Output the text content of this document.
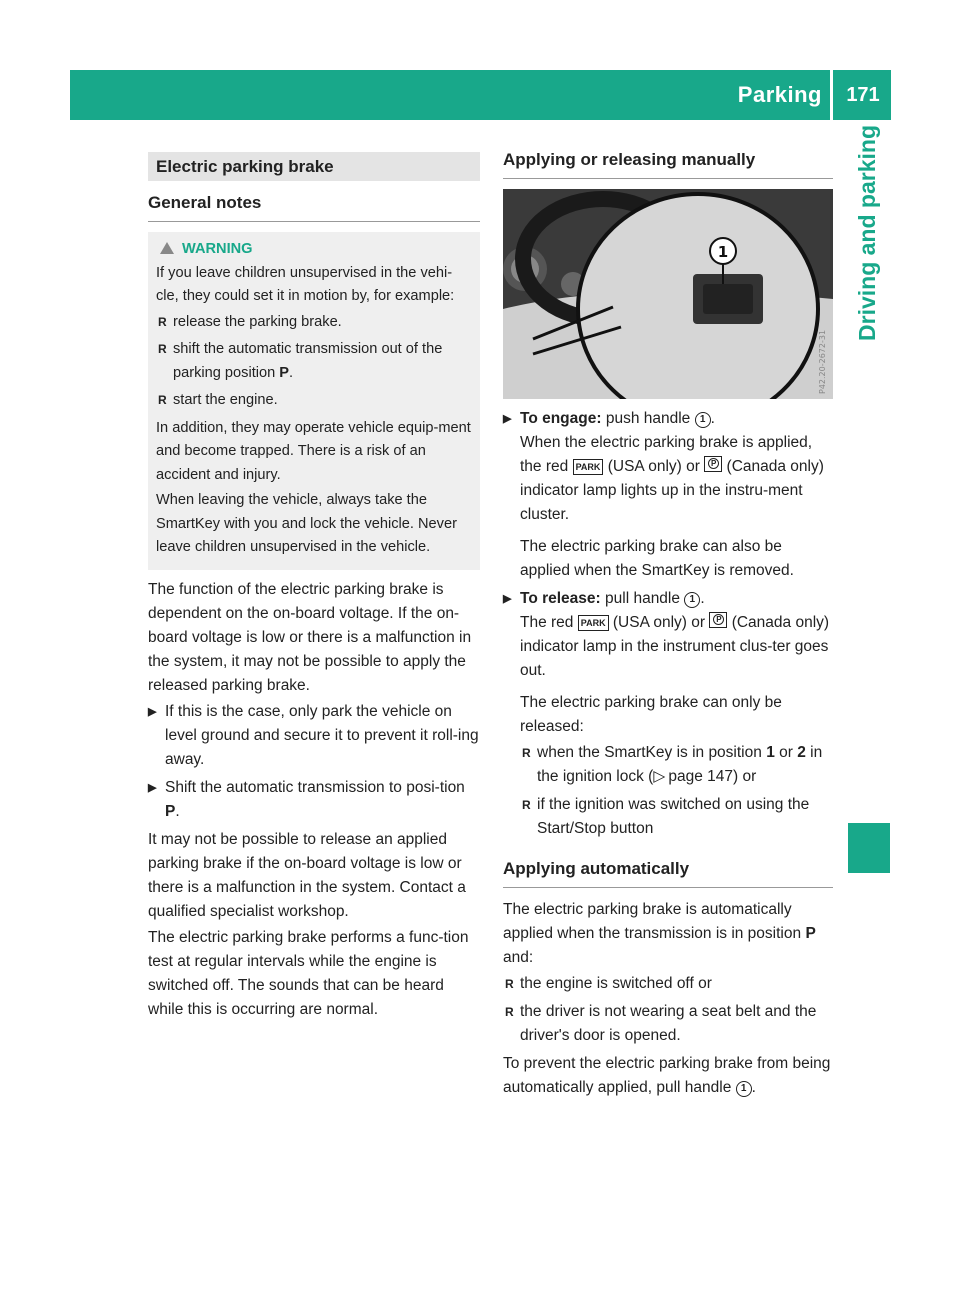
Parking	171
Driving and parking
Electric parking brake
General notes
WARNING

If you leave children unsupervised in the vehi-cle, they could set it in motion by, for example:

R release the parking brake.
R shift the automatic transmission out of the parking position P.
R start the engine.

In addition, they may operate vehicle equip-ment and become trapped. There is a risk of an accident and injury.

When leaving the vehicle, always take the SmartKey with you and lock the vehicle. Never leave children unsupervised in the vehicle.

The function of the electric parking brake is dependent on the on-board voltage. If the on-board voltage is low or there is a malfunction in the system, it may not be possible to apply the released parking brake.

▶ If this is the case, only park the vehicle on level ground and secure it to prevent it roll-ing away.
▶ Shift the automatic transmission to posi-tion P.

It may not be possible to release an applied parking brake if the on-board voltage is low or there is a malfunction in the system. Contact a qualified specialist workshop.

The electric parking brake performs a func-tion test at regular intervals while the engine is switched off. The sounds that can be heard while this is occurring are normal.

Applying or releasing manually
1
P42.20-2672-31
▶ To engage: push handle 1 .
When the electric parking brake is applied, the red PARK (USA only) or P (Canada only) indicator lamp lights up in the instru-ment cluster.
The electric parking brake can also be applied when the SmartKey is removed.
▶ To release: pull handle 1 .
The red PARK (USA only) or P (Canada only) indicator lamp in the instrument clus-ter goes out.
The electric parking brake can only be released:
R when the SmartKey is in position 1 or 2 in the ignition lock (▷ page 147) or
R if the ignition was switched on using the Start/Stop button
Applying automatically

The electric parking brake is automatically applied when the transmission is in position P and:

R the engine is switched off or
R the driver is not wearing a seat belt and the driver's door is opened.

To prevent the electric parking brake from being automatically applied, pull handle 1 .
